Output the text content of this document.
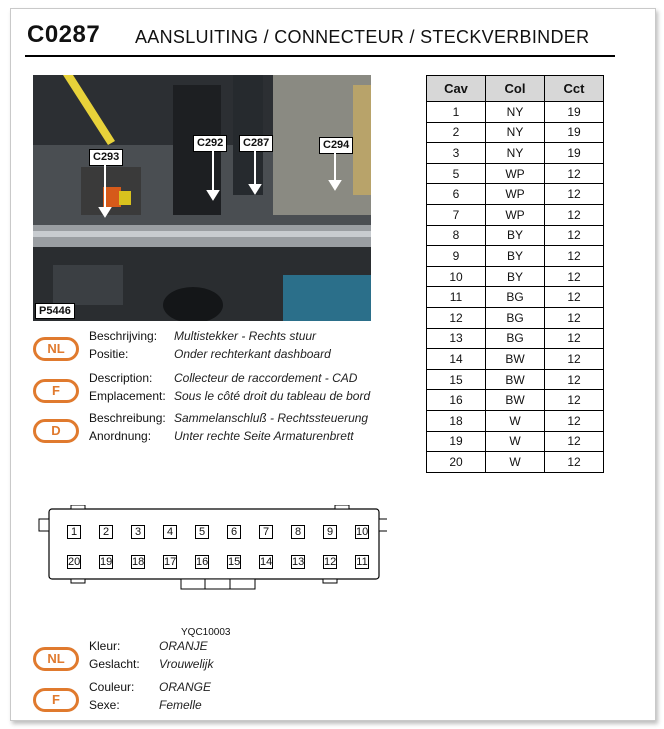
C0287 AANSLUITING / CONNECTEUR / STECKVERBINDER
C293
C292	C287	C294
P5446
NL
Beschrijving: Multistekker - Rechts stuur
Positie:	Onder rechterkant dashboard
F
Description: Collecteur de raccordement - CAD
Emplacement: Sous le côté droit du tableau de bord
D
Beschreibung: Sammelanschluß - Rechtssteuerung
Anordnung: Unter rechte Seite Armaturenbrett
Cav	Col	Cct
1	NY	19
2	NY	19
3	NY	19
5	WP	12
6	WP	12
7	WP	12
8	BY	12
9	BY	12
10	BY	12
11	BG	12
12	BG	12
13	BG	12
14	BW	12
15	BW	12
16	BW	12
18	W	12
19	W	12
20	W	12
1	2	3	4	5	6	7	8	9	10
20 19 18 17 16 15 14 13 12 11
YQC10003
NL
Kleur:	ORANJE
Geslacht: Vrouwelijk
F
Couleur: ORANGE
Sexe:	Femelle
